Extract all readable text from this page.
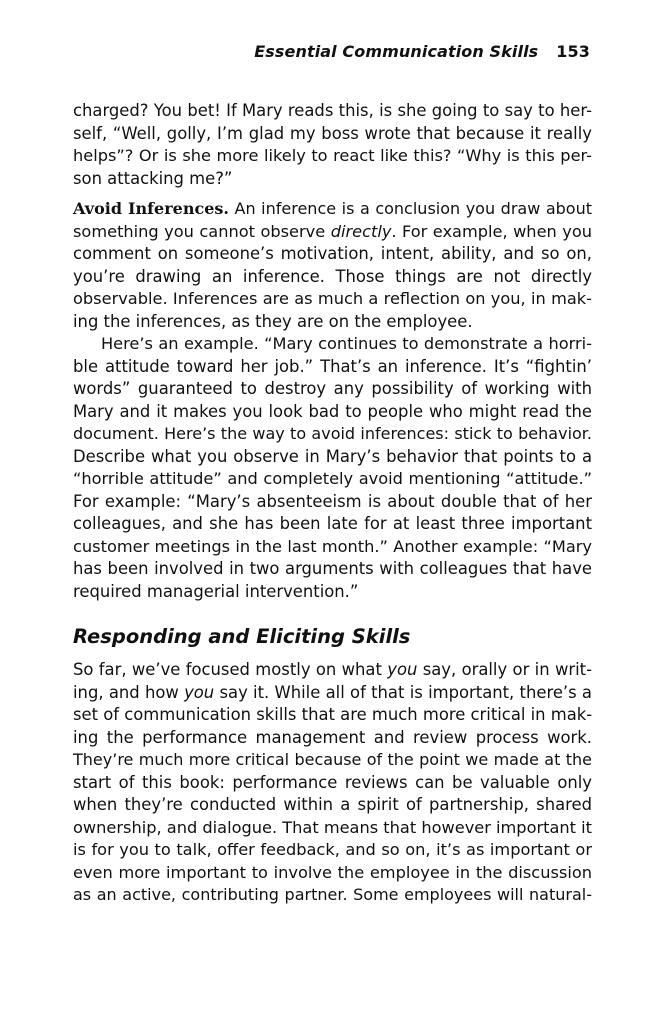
Essential Communication Skills 153

charged? You bet! If Mary reads this, is she going to say to her-

self, “Well, golly, I’m glad my boss wrote that because it really

helps”? Or is she more likely to react like this? “Why is this per-

son attacking me?”

Avoid Inferences. An inference is a conclusion you draw about

something you cannot observe directly. For example, when you

comment on someone’s motivation, intent, ability, and so on,

you’re drawing an inference. Those things are not directly

observable. Inferences are as much a reflection on you, in mak-

ing the inferences, as they are on the employee.

Here’s an example. “Mary continues to demonstrate a horri-

ble attitude toward her job.” That’s an inference. It’s “fightin’

words” guaranteed to destroy any possibility of working with

Mary and it makes you look bad to people who might read the

document. Here’s the way to avoid inferences: stick to behavior.

Describe what you observe in Mary’s behavior that points to a

“horrible attitude” and completely avoid mentioning “attitude.”

For example: “Mary’s absenteeism is about double that of her

colleagues, and she has been late for at least three important

customer meetings in the last month.” Another example: “Mary

has been involved in two arguments with colleagues that have

required managerial intervention.”

Responding and Eliciting Skills

So far, we’ve focused mostly on what you say, orally or in writ-

ing, and how you say it. While all of that is important, there’s a

set of communication skills that are much more critical in mak-

ing the performance management and review process work.

They’re much more critical because of the point we made at the

start of this book: performance reviews can be valuable only

when they’re conducted within a spirit of partnership, shared

ownership, and dialogue. That means that however important it

is for you to talk, offer feedback, and so on, it’s as important or

even more important to involve the employee in the discussion

as an active, contributing partner. Some employees will natural-
